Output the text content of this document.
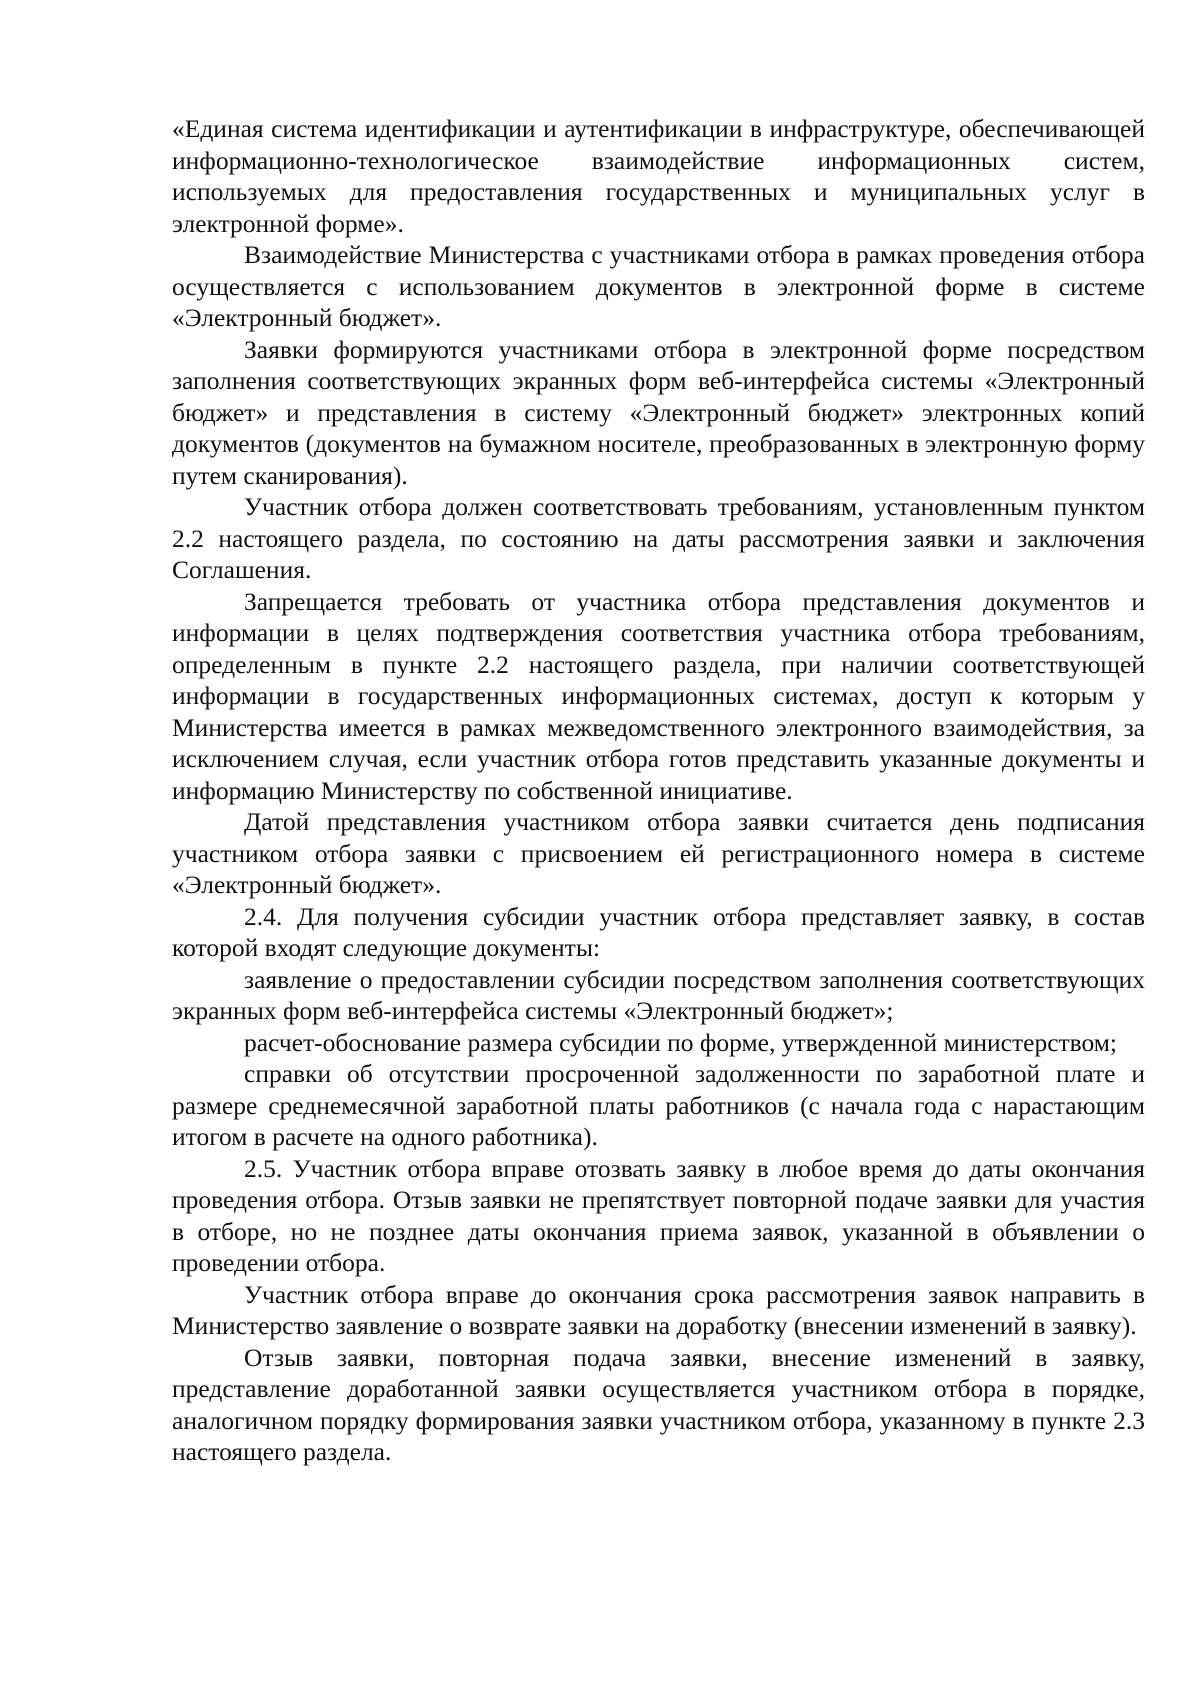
«Единая система идентификации и аутентификации в инфраструктуре, обеспечивающей информационно-технологическое взаимодействие информационных систем, используемых для предоставления государственных и муниципальных услуг в электронной форме».

Взаимодействие Министерства с участниками отбора в рамках проведения отбора осуществляется с использованием документов в электронной форме в системе «Электронный бюджет».

Заявки формируются участниками отбора в электронной форме посредством заполнения соответствующих экранных форм веб-интерфейса системы «Электронный бюджет» и представления в систему «Электронный бюджет» электронных копий документов (документов на бумажном носителе, преобразованных в электронную форму путем сканирования).

Участник отбора должен соответствовать требованиям, установленным пунктом 2.2 настоящего раздела, по состоянию на даты рассмотрения заявки и заключения Соглашения.

Запрещается требовать от участника отбора представления документов и информации в целях подтверждения соответствия участника отбора требованиям, определенным в пункте 2.2 настоящего раздела, при наличии соответствующей информации в государственных информационных системах, доступ к которым у Министерства имеется в рамках межведомственного электронного взаимодействия, за исключением случая, если участник отбора готов представить указанные документы и информацию Министерству по собственной инициативе.

Датой представления участником отбора заявки считается день подписания участником отбора заявки с присвоением ей регистрационного номера в системе «Электронный бюджет».

2.4. Для получения субсидии участник отбора представляет заявку, в состав которой входят следующие документы:

заявление о предоставлении субсидии посредством заполнения соответствующих экранных форм веб-интерфейса системы «Электронный бюджет»;

расчет-обоснование размера субсидии по форме, утвержденной министерством;

справки об отсутствии просроченной задолженности по заработной плате и размере среднемесячной заработной платы работников (с начала года с нарастающим итогом в расчете на одного работника).

2.5. Участник отбора вправе отозвать заявку в любое время до даты окончания проведения отбора. Отзыв заявки не препятствует повторной подаче заявки для участия в отборе, но не позднее даты окончания приема заявок, указанной в объявлении о проведении отбора.

Участник отбора вправе до окончания срока рассмотрения заявок направить в Министерство заявление о возврате заявки на доработку (внесении изменений в заявку).

Отзыв заявки, повторная подача заявки, внесение изменений в заявку, представление доработанной заявки осуществляется участником отбора в порядке, аналогичном порядку формирования заявки участником отбора, указанному в пункте 2.3 настоящего раздела.
